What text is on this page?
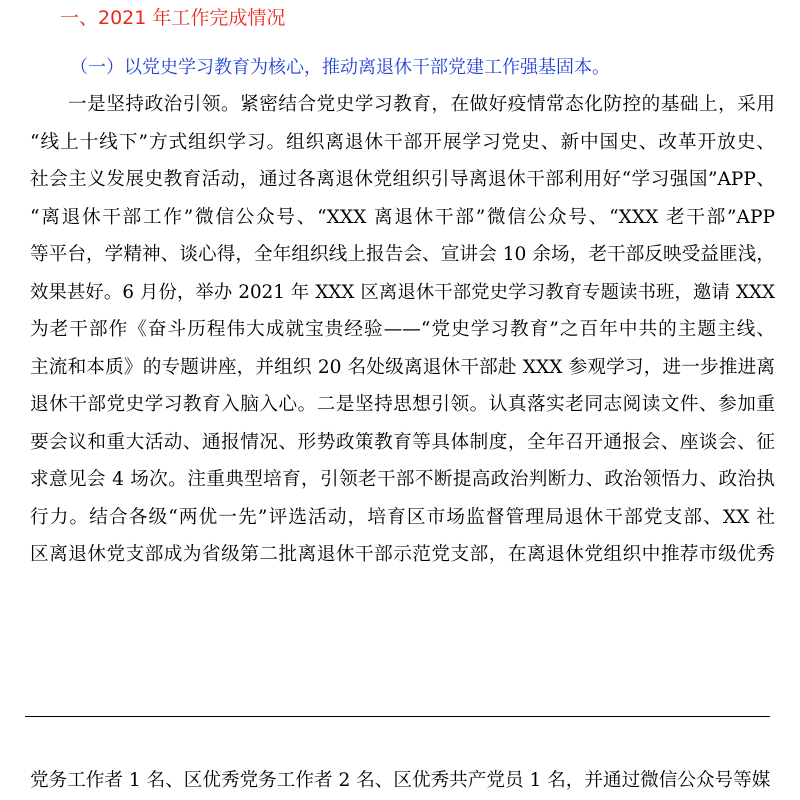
一、2021 年工作完成情况
（一）以党史学习教育为核心，推动离退休干部党建工作强基固本。
一是坚持政治引领。紧密结合党史学习教育，在做好疫情常态化防控的基础上，采用
“线上十线下”方式组织学习。组织离退休干部开展学习党史、新中国史、改革开放史、
社会主义发展史教育活动，通过各离退休党组织引导离退休干部利用好“学习强国”APP、
“离退休干部工作”微信公众号、“XXX 离退休干部”微信公众号、“XXX 老干部”APP
等平台，学精神、谈心得，全年组织线上报告会、宣讲会 10 余场，老干部反映受益匪浅，
效果甚好。6 月份，举办 2021 年 XXX 区离退休干部党史学习教育专题读书班，邀请 XXX
为老干部作《奋斗历程伟大成就宝贵经验——“党史学习教育”之百年中共的主题主线、
主流和本质》的专题讲座，并组织 20 名处级离退休干部赴 XXX 参观学习，进一步推进离
退休干部党史学习教育入脑入心。二是坚持思想引领。认真落实老同志阅读文件、参加重
要会议和重大活动、通报情况、形势政策教育等具体制度，全年召开通报会、座谈会、征
求意见会 4 场次。注重典型培育，引领老干部不断提高政治判断力、政治领悟力、政治执
行力。结合各级“两优一先”评选活动，培育区市场监督管理局退休干部党支部、XX 社
区离退休党支部成为省级第二批离退休干部示范党支部，在离退休党组织中推荐市级优秀
党务工作者 1 名、区优秀党务工作者 2 名、区优秀共产党员 1 名，并通过微信公众号等媒
